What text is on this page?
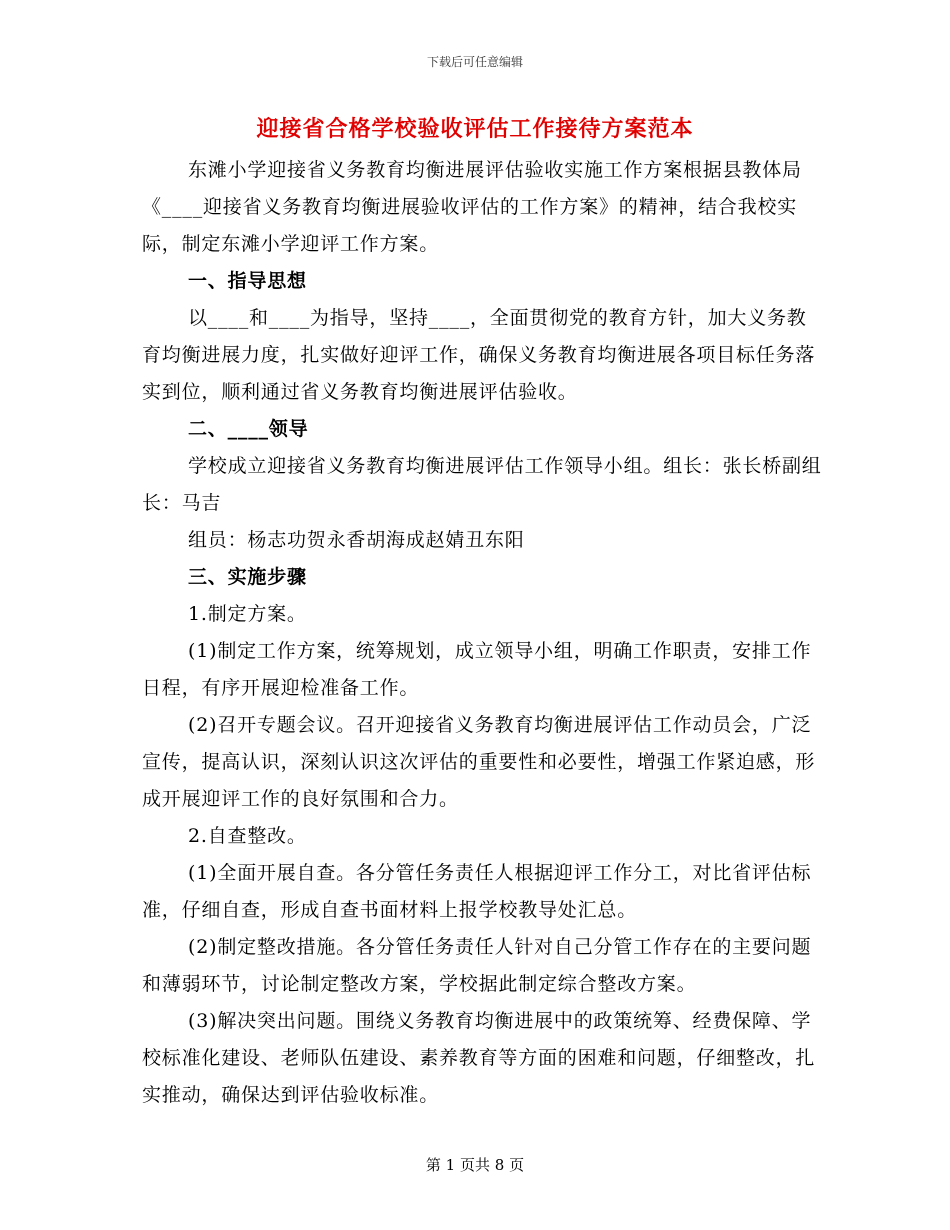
下载后可任意编辑
迎接省合格学校验收评估工作接待方案范本

东滩小学迎接省义务教育均衡进展评估验收实施工作方案根据县教体局《____迎接省义务教育均衡进展验收评估的工作方案》的精神，结合我校实际，制定东滩小学迎评工作方案。

一、指导思想

以____和____为指导，坚持____，全面贯彻党的教育方针，加大义务教育均衡进展力度，扎实做好迎评工作，确保义务教育均衡进展各项目标任务落实到位，顺利通过省义务教育均衡进展评估验收。

二、____领导

学校成立迎接省义务教育均衡进展评估工作领导小组。组长：张长桥副组长：马吉

组员：杨志功贺永香胡海成赵婧丑东阳

三、实施步骤

1.制定方案。

(1)制定工作方案，统筹规划，成立领导小组，明确工作职责，安排工作日程，有序开展迎检准备工作。

(2)召开专题会议。召开迎接省义务教育均衡进展评估工作动员会，广泛宣传，提高认识，深刻认识这次评估的重要性和必要性，增强工作紧迫感，形成开展迎评工作的良好氛围和合力。

2.自查整改。

(1)全面开展自查。各分管任务责任人根据迎评工作分工，对比省评估标准，仔细自查，形成自查书面材料上报学校教导处汇总。

(2)制定整改措施。各分管任务责任人针对自己分管工作存在的主要问题和薄弱环节，讨论制定整改方案，学校据此制定综合整改方案。

(3)解决突出问题。围绕义务教育均衡进展中的政策统筹、经费保障、学校标准化建设、老师队伍建设、素养教育等方面的困难和问题，仔细整改，扎实推动，确保达到评估验收标准。

第 1 页共 8 页
